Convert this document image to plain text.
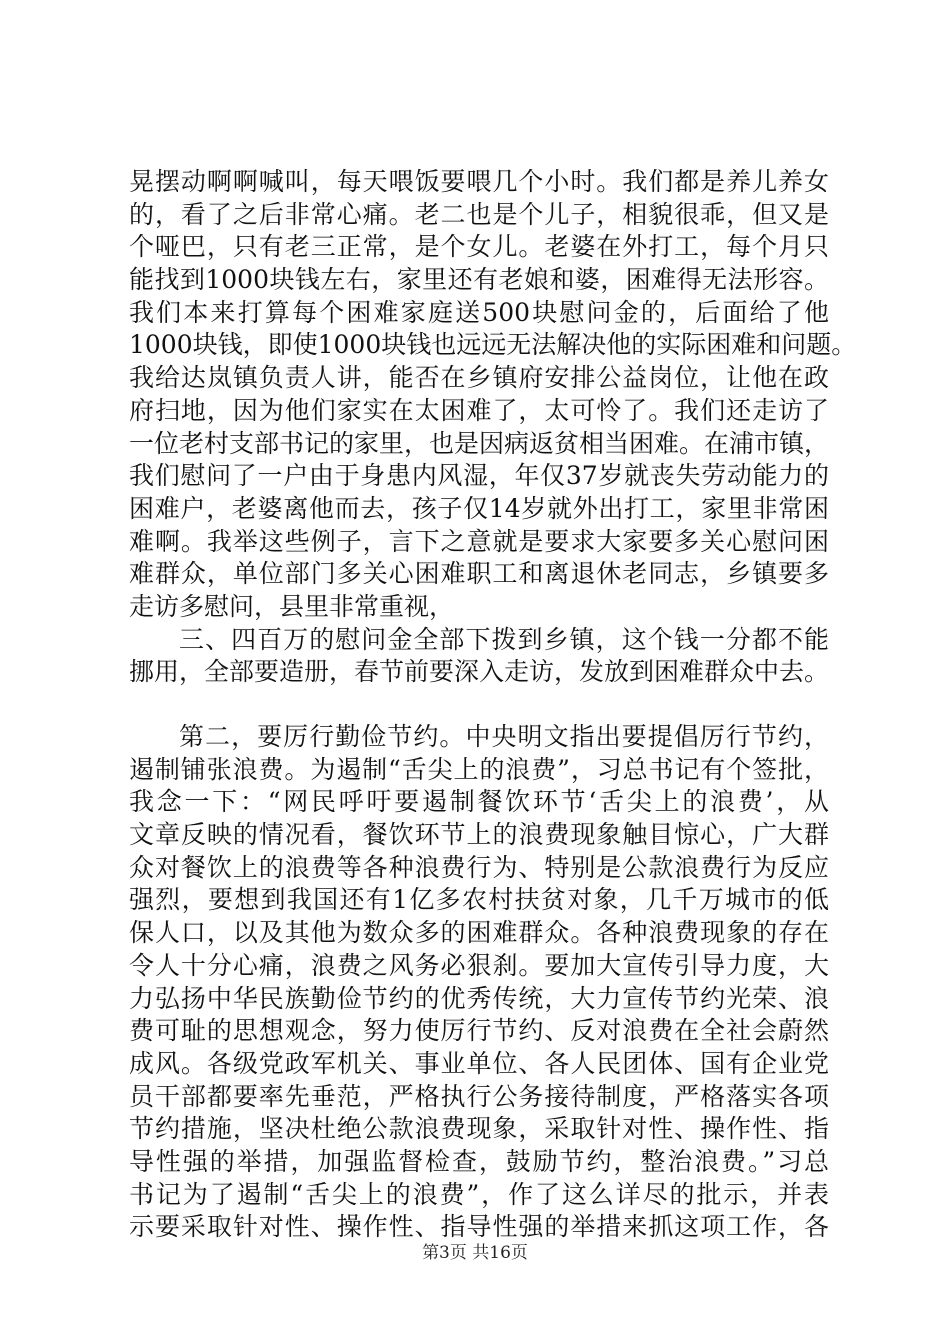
晃摆动啊啊喊叫，每天喂饭要喂几个小时。我们都是养儿养女
的，看了之后非常心痛。老二也是个儿子，相貌很乖，但又是
个哑巴，只有老三正常，是个女儿。老婆在外打工，每个月只
能找到1000块钱左右，家里还有老娘和婆，困难得无法形容。
我们本来打算每个困难家庭送500块慰问金的，后面给了他
1000块钱，即使1000块钱也远远无法解决他的实际困难和问题。
我给达岚镇负责人讲，能否在乡镇府安排公益岗位，让他在政
府扫地，因为他们家实在太困难了，太可怜了。我们还走访了
一位老村支部书记的家里，也是因病返贫相当困难。在浦市镇，
我们慰问了一户由于身患内风湿，年仅37岁就丧失劳动能力的
困难户，老婆离他而去，孩子仅14岁就外出打工，家里非常困
难啊。我举这些例子，言下之意就是要求大家要多关心慰问困
难群众，单位部门多关心困难职工和离退休老同志，乡镇要多
走访多慰问，县里非常重视，
三、四百万的慰问金全部下拨到乡镇，这个钱一分都不能
挪用，全部要造册，春节前要深入走访，发放到困难群众中去。
第二，要厉行勤俭节约。中央明文指出要提倡厉行节约，
遏制铺张浪费。为遏制“舌尖上的浪费”，习总书记有个签批，
我念一下：“网民呼吁要遏制餐饮环节‘舌尖上的浪费’，从
文章反映的情况看，餐饮环节上的浪费现象触目惊心，广大群
众对餐饮上的浪费等各种浪费行为、特别是公款浪费行为反应
强烈，要想到我国还有1亿多农村扶贫对象，几千万城市的低
保人口，以及其他为数众多的困难群众。各种浪费现象的存在
令人十分心痛，浪费之风务必狠刹。要加大宣传引导力度，大
力弘扬中华民族勤俭节约的优秀传统，大力宣传节约光荣、浪
费可耻的思想观念，努力使厉行节约、反对浪费在全社会蔚然
成风。各级党政军机关、事业单位、各人民团体、国有企业党
员干部都要率先垂范，严格执行公务接待制度，严格落实各项
节约措施，坚决杜绝公款浪费现象，采取针对性、操作性、指
导性强的举措，加强监督检查，鼓励节约，整治浪费。”习总
书记为了遏制“舌尖上的浪费”，作了这么详尽的批示，并表
示要采取针对性、操作性、指导性强的举措来抓这项工作，各
第3页 共16页
